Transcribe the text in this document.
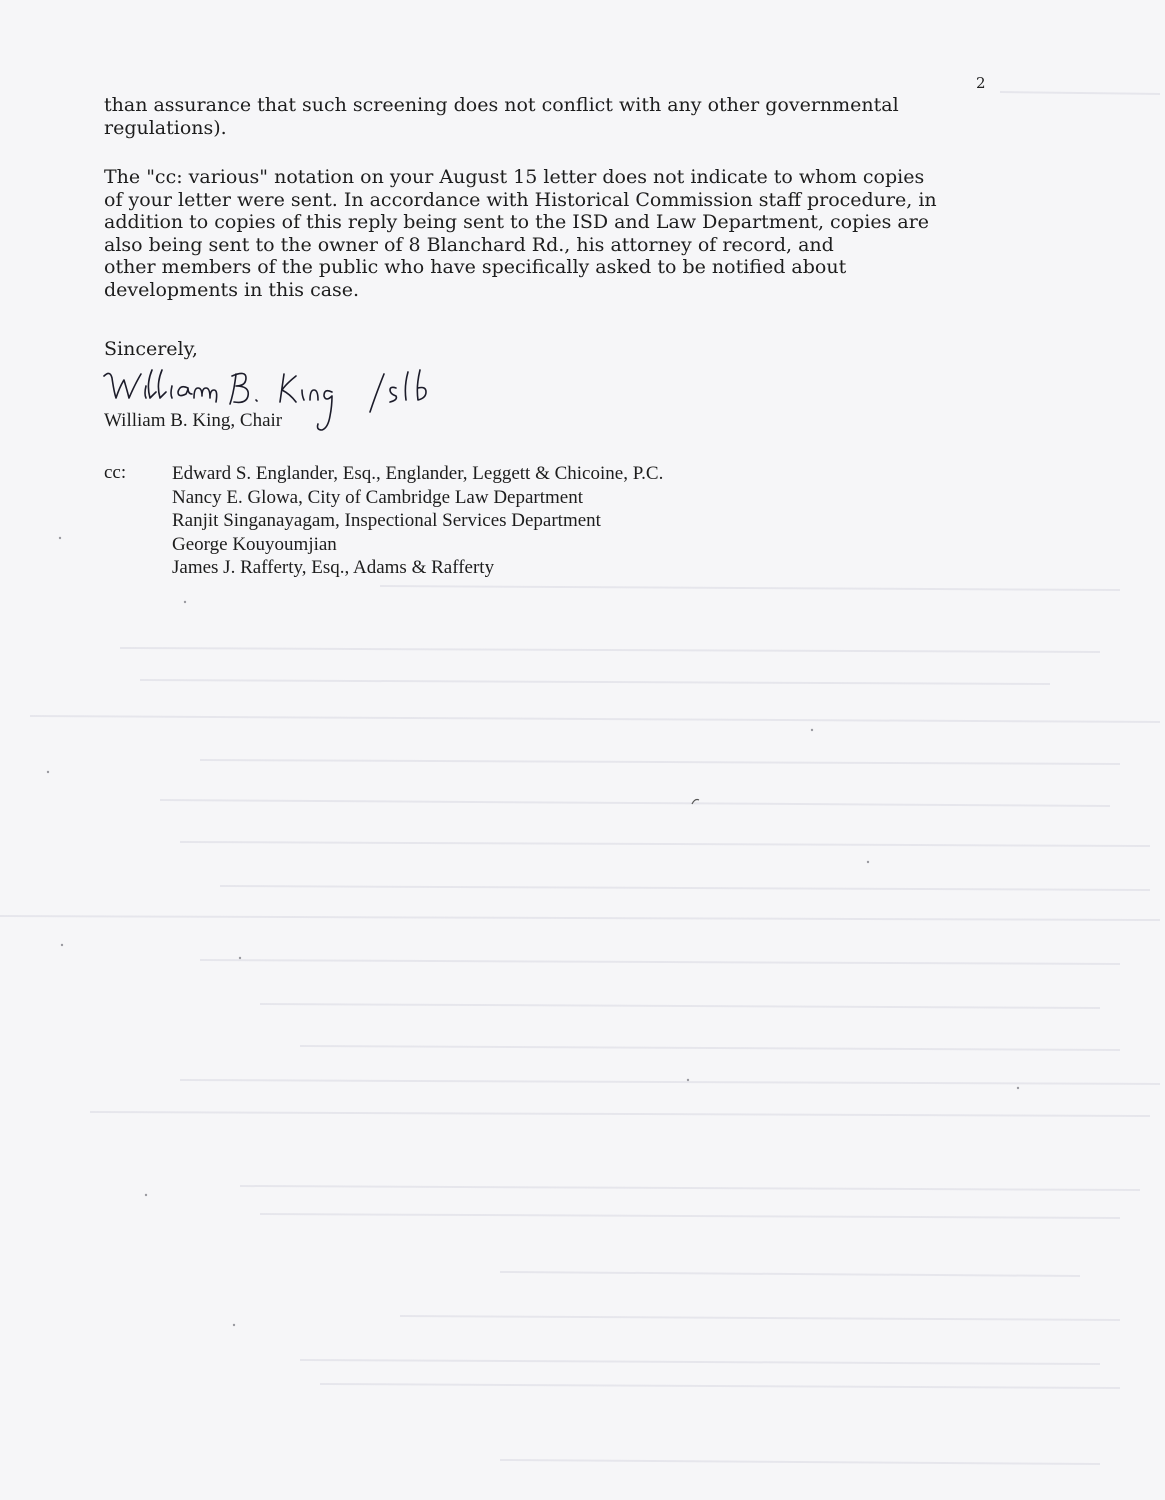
2
than assurance that such screening does not conflict with any other governmental
regulations).
The "cc: various" notation on your August 15 letter does not indicate to whom copies
of your letter were sent. In accordance with Historical Commission staff procedure, in
addition to copies of this reply being sent to the ISD and Law Department, copies are
also being sent to the owner of 8 Blanchard Rd., his attorney of record, and
other members of the public who have specifically asked to be notified about
developments in this case.
Sincerely,
William B. King, Chair
cc: Edward S. Englander, Esq., Englander, Leggett & Chicoine, P.C.
Nancy E. Glowa, City of Cambridge Law Department
Ranjit Singanayagam, Inspectional Services Department
George Kouyoumjian
James J. Rafferty, Esq., Adams & Rafferty
